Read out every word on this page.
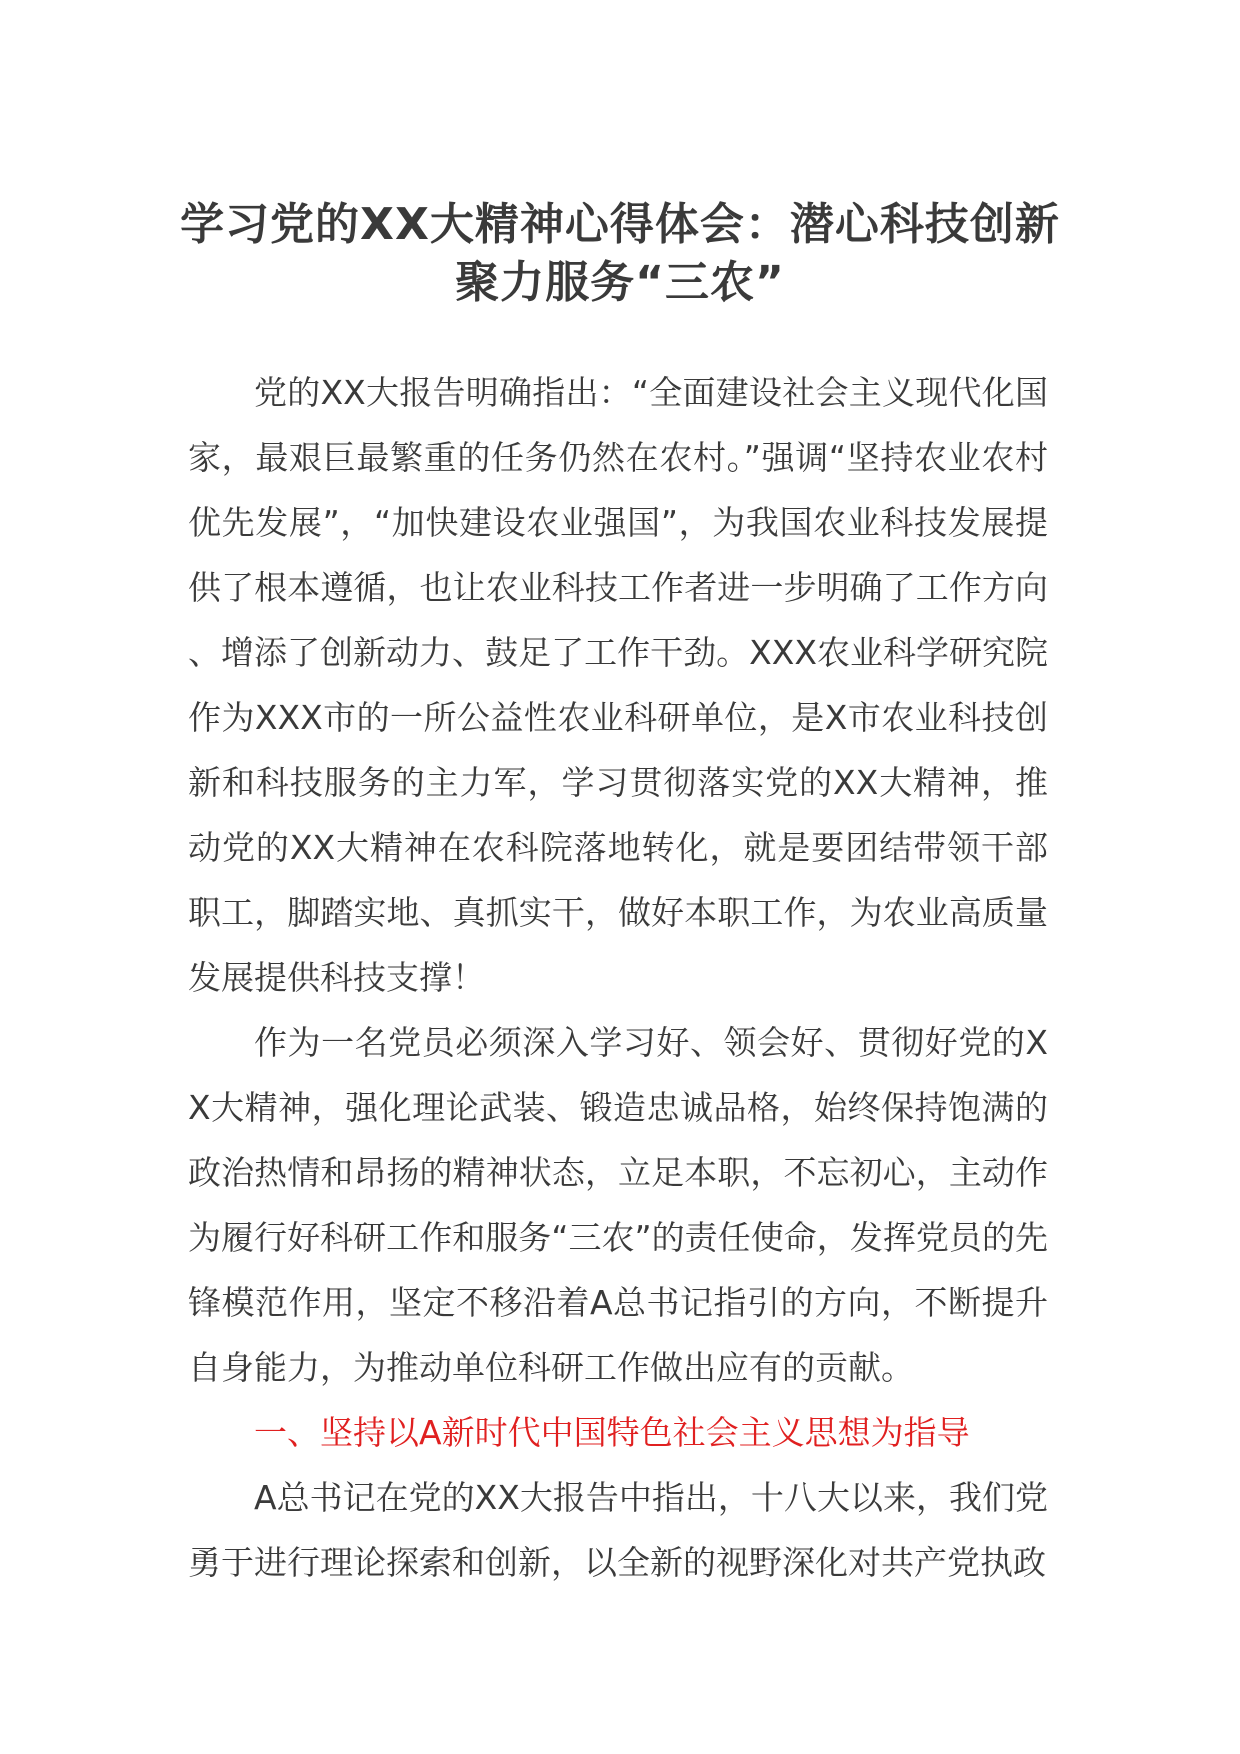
学习党的XX大精神心得体会：潜心科技创新聚力服务“三农”

党的XX大报告明确指出：“全面建设社会主义现代化国家，最艰巨最繁重的任务仍然在农村。”强调“坚持农业农村优先发展”，“加快建设农业强国”，为我国农业科技发展提供了根本遵循，也让农业科技工作者进一步明确了工作方向、增添了创新动力、鼓足了工作干劲。XXX农业科学研究院作为XXX市的一所公益性农业科研单位，是X市农业科技创新和科技服务的主力军，学习贯彻落实党的XX大精神，推动党的XX大精神在农科院落地转化，就是要团结带领干部职工，脚踏实地、真抓实干，做好本职工作，为农业高质量发展提供科技支撑！

作为一名党员必须深入学习好、领会好、贯彻好党的XX大精神，强化理论武装、锻造忠诚品格，始终保持饱满的政治热情和昂扬的精神状态，立足本职，不忘初心，主动作为履行好科研工作和服务“三农”的责任使命，发挥党员的先锋模范作用，坚定不移沿着A总书记指引的方向，不断提升自身能力，为推动单位科研工作做出应有的贡献。

一、坚持以A新时代中国特色社会主义思想为指导

A总书记在党的XX大报告中指出，十八大以来，我们党勇于进行理论探索和创新，以全新的视野深化对共产党执政
